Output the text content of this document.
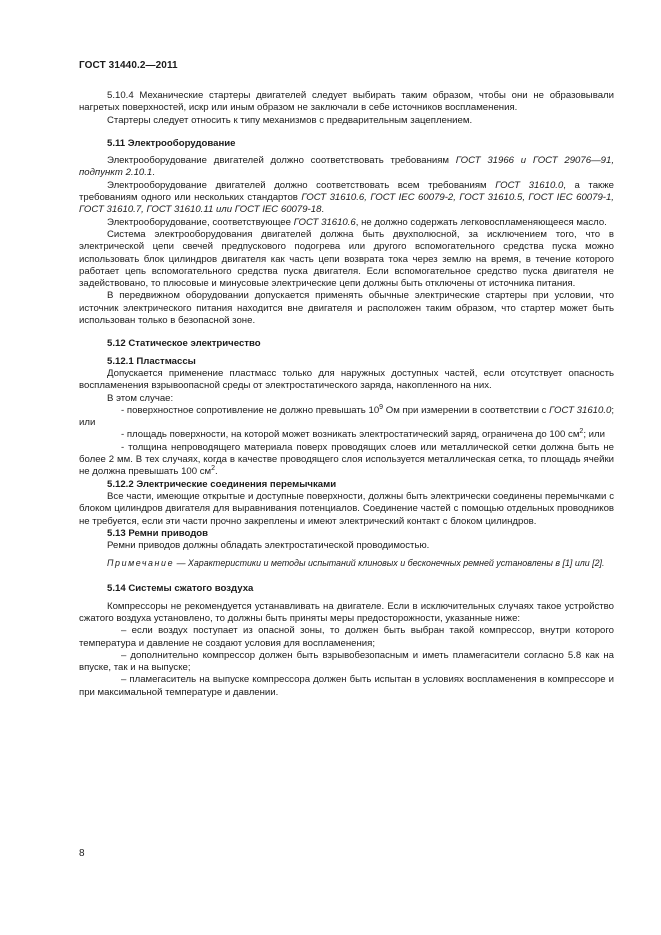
ГОСТ 31440.2—2011

5.10.4 Механические стартеры двигателей следует выбирать таким образом, чтобы они не образовывали нагретых поверхностей, искр или иным образом не заключали в себе источников воспламенения.

Стартеры следует относить к типу механизмов с предварительным зацеплением.

5.11 Электрооборудование

Электрооборудование двигателей должно соответствовать требованиям ГОСТ 31966 и ГОСТ 29076—91, подпункт 2.10.1.

Электрооборудование двигателей должно соответствовать всем требованиям ГОСТ 31610.0, а также требованиям одного или нескольких стандартов ГОСТ 31610.6, ГОСТ IEC 60079-2, ГОСТ 31610.5, ГОСТ IEC 60079-1, ГОСТ 31610.7, ГОСТ 31610.11 или ГОСТ IEC 60079-18.

Электрооборудование, соответствующее ГОСТ 31610.6, не должно содержать легковоспламеняющееся масло.

Система электрооборудования двигателей должна быть двухполюсной, за исключением того, что в электрической цепи свечей предпускового подогрева или другого вспомогательного средства пуска можно использовать блок цилиндров двигателя как часть цепи возврата тока через землю на время, в течение которого работает цепь вспомогательного средства пуска двигателя. Если вспомогательное средство пуска двигателя не задействовано, то плюсовые и минусовые электрические цепи должны быть отключены от источника питания.

В передвижном оборудовании допускается применять обычные электрические стартеры при условии, что источник электрического питания находится вне двигателя и расположен таким образом, что стартер может быть использован только в безопасной зоне.

5.12 Статическое электричество

5.12.1 Пластмассы

Допускается применение пластмасс только для наружных доступных частей, если отсутствует опасность воспламенения взрывоопасной среды от электростатического заряда, накопленного на них.

В этом случае:

- поверхностное сопротивление не должно превышать $10^9$ Ом при измерении в соответствии с ГОСТ 31610.0; или

- площадь поверхности, на которой может возникать электростатический заряд, ограничена до 100 $см^2$; или

- толщина непроводящего материала поверх проводящих слоев или металлической сетки должна быть не более 2 мм. В тех случаях, когда в качестве проводящего слоя используется металлическая сетка, то площадь ячейки не должна превышать 100 $см^2$.

5.12.2 Электрические соединения перемычками

Все части, имеющие открытые и доступные поверхности, должны быть электрически соединены перемычками с блоком цилиндров двигателя для выравнивания потенциалов. Соединение частей с помощью отдельных проводников не требуется, если эти части прочно закреплены и имеют электрический контакт с блоком цилиндров.

5.13 Ремни приводов

Ремни приводов должны обладать электростатической проводимостью.

Примечание — Характеристики и методы испытаний клиновых и бесконечных ремней установлены в [1] или [2].

5.14 Системы сжатого воздуха

Компрессоры не рекомендуется устанавливать на двигателе. Если в исключительных случаях такое устройство сжатого воздуха установлено, то должны быть приняты меры предосторожности, указанные ниже:

– если воздух поступает из опасной зоны, то должен быть выбран такой компрессор, внутри которого температура и давление не создают условия для воспламенения;

– дополнительно компрессор должен быть взрывобезопасным и иметь пламегасители согласно 5.8 как на впуске, так и на выпуске;

– пламегаситель на выпуске компрессора должен быть испытан в условиях воспламенения в компрессоре и при максимальной температуре и давлении.

8
